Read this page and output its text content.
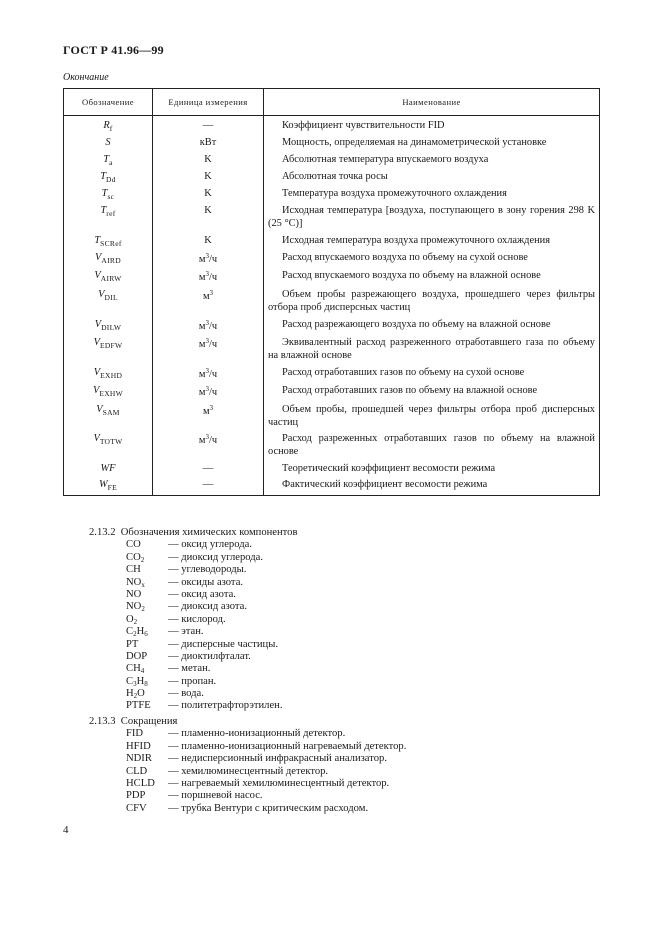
ГОСТ Р 41.96—99
Окончание
Обозначение	Единица измерения	Наименование
$R_f$	—	Коэффициент чувствительности FID
S	кВт	Мощность, определяемая на динамометрической установке
$T_a$	K	Абсолютная температура впускаемого воздуха
$T_{Dd}$	K	Абсолютная точка росы
$T_{sc}$	K	Температура воздуха промежуточного охлаждения
$T_{ref}$	K	Исходная температура [воздуха, поступающего в зону горения 298 K (25 °C)]
$T_{SCRef}$	K	Исходная температура воздуха промежуточного охлаждения
$V_{AIRD}$	$м^3/ч$	Расход впускаемого воздуха по объему на сухой основе
$V_{AIRW}$	$м^3/ч$	Расход впускаемого воздуха по объему на влажной основе
$V_{DIL}$	$м^3$	Объем пробы разрежающего воздуха, прошедшего через фильтры отбора проб дисперсных частиц
$V_{DILW}$	$м^3/ч$	Расход разрежающего воздуха по объему на влажной основе
$V_{EDFW}$	$м^3/ч$	Эквивалентный расход разреженного отработавшего газа по объему на влажной основе
$V_{EXHD}$	$м^3/ч$	Расход отработавших газов по объему на сухой основе
$V_{EXHW}$	$м^3/ч$	Расход отработавших газов по объему на влажной основе
$V_{SAM}$	$м^3$	Объем пробы, прошедшей через фильтры отбора проб дисперсных частиц
$V_{TOTW}$	$м^3/ч$	Расход разреженных отработавших газов по объему на влажной основе
WF	—	Теоретический коэффициент весомости режима
$W_{FE}$	—	Фактический коэффициент весомости режима
2.13.2  Обозначения химических компонентов
CO	— оксид углерода.
CO2	— диоксид углерода.
CH	— углеводороды.
NOx	— оксиды азота.
NO	— оксид азота.
NO2	— диоксид азота.
O2	— кислород.
C2H6	— этан.
PT	— дисперсные частицы.
DOP	— диоктилфталат.
CH4	— метан.
C3H8	— пропан.
H2O	— вода.
PTFE	— политетрафторэтилен.
2.13.3  Сокращения
FID	— пламенно-ионизационный детектор.
HFID	— пламенно-ионизационный нагреваемый детектор.
NDIR	— недисперсионный инфракрасный анализатор.
CLD	— хемилюминесцентный детектор.
HCLD	— нагреваемый хемилюминесцентный детектор.
PDP	— поршневой насос.
CFV	— трубка Вентури с критическим расходом.
4
